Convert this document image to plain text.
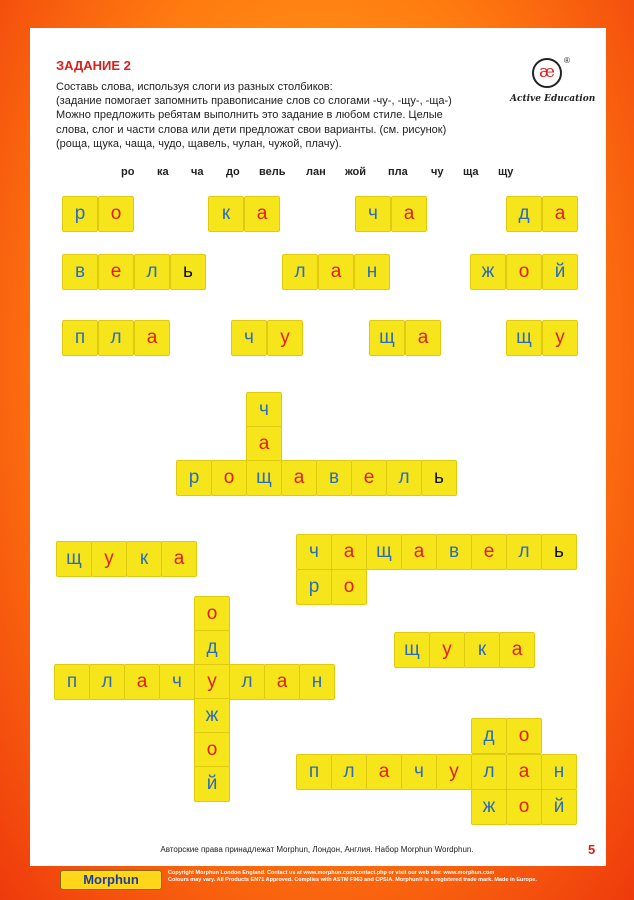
ЗАДАНИЕ 2
Составь слова, используя слоги из разных столбиков:
(задание помогает запомнить правописание слов со слогами -чу-, -щу-, -ща-)
Можно предложить ребятам выполнить это задание в любом стиле. Целые
слова, слог и части слова или дети предложат свои варианты. (см. рисунок)
(роща, щука, чаща, чудо, щавель, чулан, чужой, плачу).
æ
®
Active Education
ро ка ча до вель лан жой пла чу ща щу
р	о	к	а	ч	а	д	а
в	е	л	ь	л	а	н	ж	о	й
п	л	а	ч	у	щ	а	щ	у
ч
а
р	о	щ	а	в	е	л	ь
щ	у	к	а	ч	а	щ	а	в	е	л	ь
р	о
о
д
п	л	а	ч	у	л	а	н
ж
о
й
щ	у	к	а
д	о
п	л	а	ч	у	л	а	н
ж	о	й
Авторские права принадлежат Morphun, Лондон, Англия. Набор Morphun Wordphun.	5
UTFS INNH 9812
Morphun	Copyright Morphun London England. Contact us at www.morphun.com/contact.php or visit our web site: www.morphun.com
Colours may vary. All Products EN71 Approved. Complies with ASTM F963 and CPSIA. Morphun® is a registered trade mark. Made in Europe.
